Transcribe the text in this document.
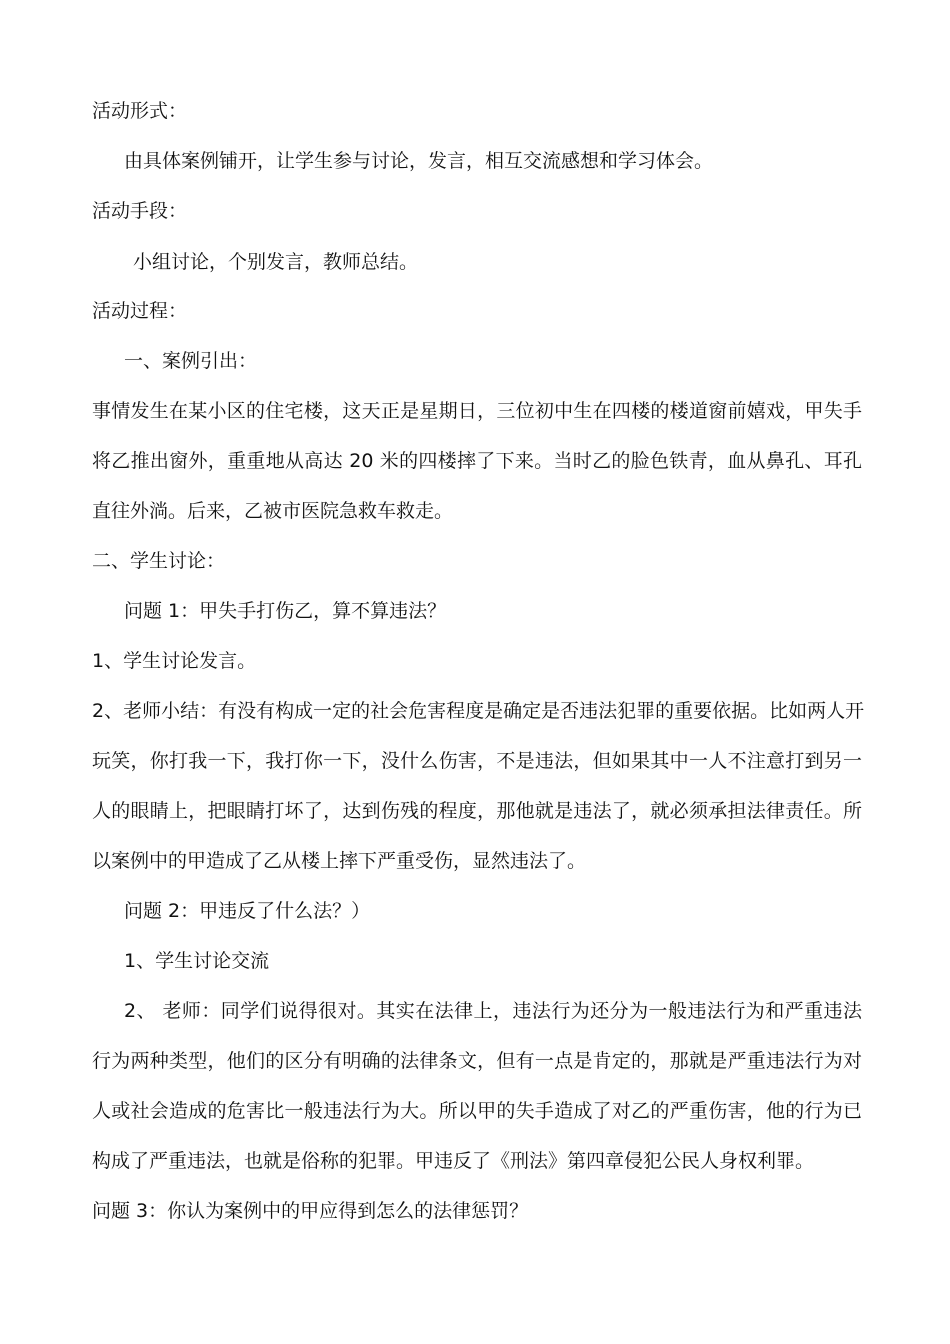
活动形式：
由具体案例铺开，让学生参与讨论，发言，相互交流感想和学习体会。
活动手段：
小组讨论，个别发言，教师总结。
活动过程：
一、案例引出：
事情发生在某小区的住宅楼，这天正是星期日，三位初中生在四楼的楼道窗前嬉戏，甲失手
将乙推出窗外，重重地从高达 20 米的四楼摔了下来。当时乙的脸色铁青，血从鼻孔、耳孔
直往外淌。后来，乙被市医院急救车救走。
二、学生讨论：
问题 1：甲失手打伤乙，算不算违法？
1、学生讨论发言。
2、老师小结：有没有构成一定的社会危害程度是确定是否违法犯罪的重要依据。比如两人开
玩笑，你打我一下，我打你一下，没什么伤害，不是违法，但如果其中一人不注意打到另一
人的眼睛上，把眼睛打坏了，达到伤残的程度，那他就是违法了，就必须承担法律责任。所
以案例中的甲造成了乙从楼上摔下严重受伤，显然违法了。
问题 2：甲违反了什么法？）
1、学生讨论交流
2、 老师：同学们说得很对。其实在法律上，违法行为还分为一般违法行为和严重违法
行为两种类型，他们的区分有明确的法律条文，但有一点是肯定的，那就是严重违法行为对
人或社会造成的危害比一般违法行为大。所以甲的失手造成了对乙的严重伤害，他的行为已
构成了严重违法，也就是俗称的犯罪。甲违反了《刑法》第四章侵犯公民人身权利罪。
问题 3：你认为案例中的甲应得到怎么的法律惩罚？
